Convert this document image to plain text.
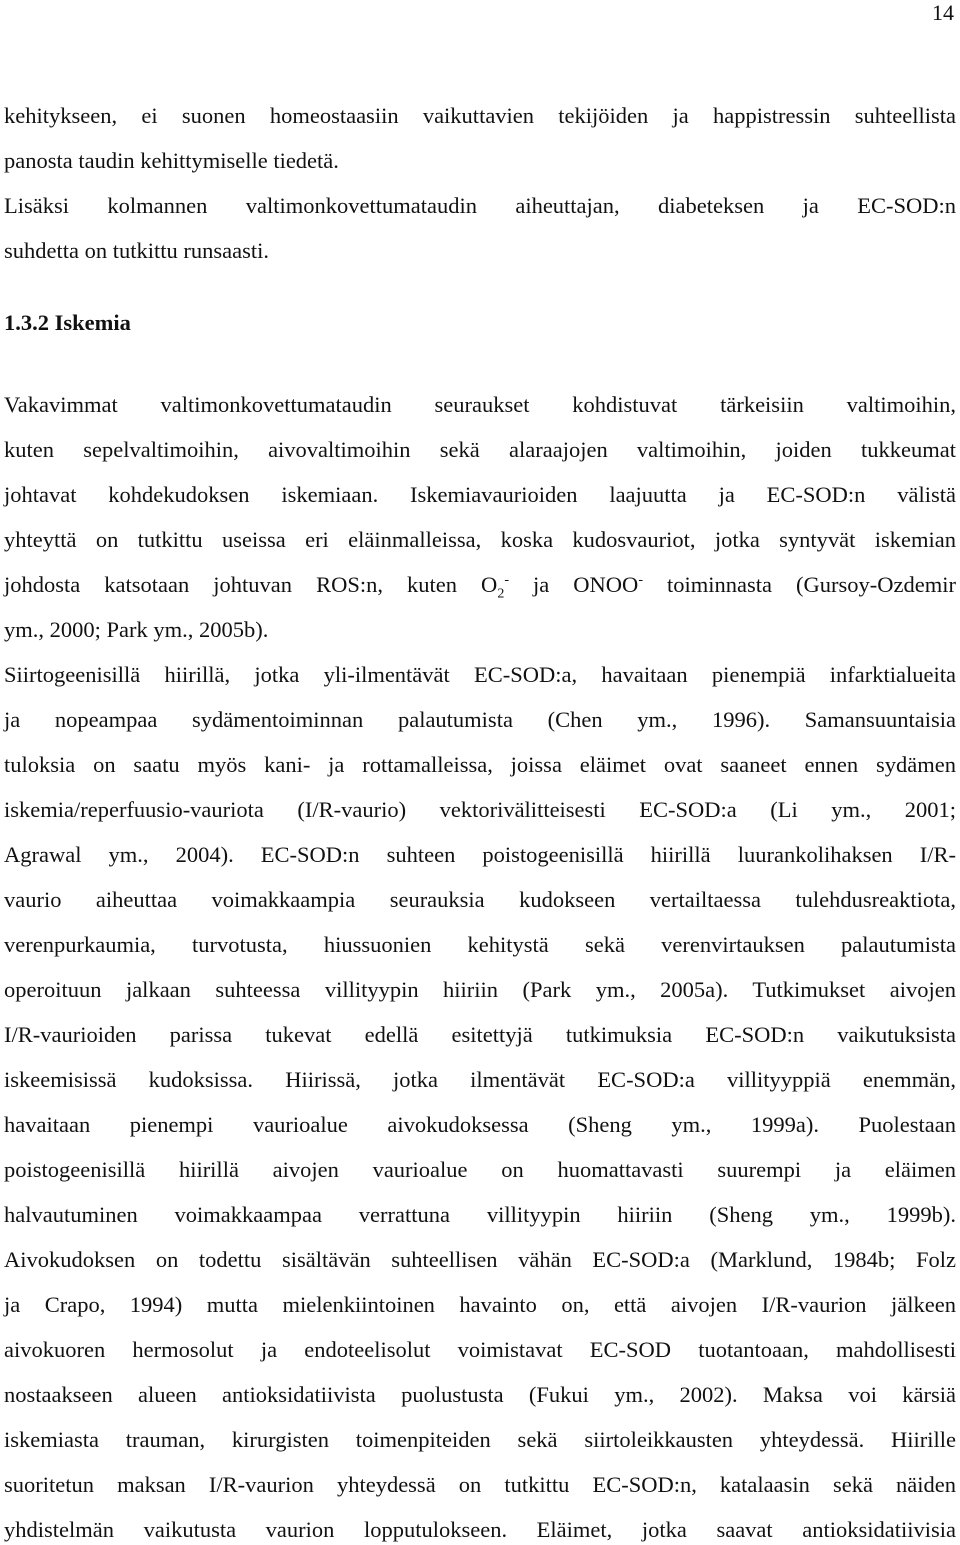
14
kehitykseen, ei suonen homeostaasiin vaikuttavien tekijöiden ja happistressin suhteellista
panosta taudin kehittymiselle tiedetä.
Lisäksi kolmannen valtimonkovettumataudin aiheuttajan, diabeteksen ja EC-SOD:n
suhdetta on tutkittu runsaasti.
1.3.2 Iskemia
Vakavimmat valtimonkovettumataudin seuraukset kohdistuvat tärkeisiin valtimoihin,
kuten sepelvaltimoihin, aivovaltimoihin sekä alaraajojen valtimoihin, joiden tukkeumat
johtavat kohdekudoksen iskemiaan. Iskemiavaurioiden laajuutta ja EC-SOD:n välistä
yhteyttä on tutkittu useissa eri eläinmalleissa, koska kudosvauriot, jotka syntyvät iskemian
johdosta katsotaan johtuvan ROS:n, kuten $O_2^-$ ja ONOO- toiminnasta (Gursoy-Ozdemir
ym., 2000; Park ym., 2005b).
Siirtogeenisillä hiirillä, jotka yli-ilmentävät EC-SOD:a, havaitaan pienempiä infarktialueita
ja nopeampaa sydämentoiminnan palautumista (Chen ym., 1996). Samansuuntaisia
tuloksia on saatu myös kani- ja rottamalleissa, joissa eläimet ovat saaneet ennen sydämen
iskemia/reperfuusio-vauriota (I/R-vaurio) vektorivälitteisesti EC-SOD:a (Li ym., 2001;
Agrawal ym., 2004). EC-SOD:n suhteen poistogeenisillä hiirillä luurankolihaksen I/R-
vaurio aiheuttaa voimakkaampia seurauksia kudokseen vertailtaessa tulehdusreaktiota,
verenpurkaumia, turvotusta, hiussuonien kehitystä sekä verenvirtauksen palautumista
operoituun jalkaan suhteessa villityypin hiiriin (Park ym., 2005a). Tutkimukset aivojen
I/R-vaurioiden parissa tukevat edellä esitettyjä tutkimuksia EC-SOD:n vaikutuksista
iskeemisissä kudoksissa. Hiirissä, jotka ilmentävät EC-SOD:a villityyppiä enemmän,
havaitaan pienempi vaurioalue aivokudoksessa (Sheng ym., 1999a). Puolestaan
poistogeenisillä hiirillä aivojen vaurioalue on huomattavasti suurempi ja eläimen
halvautuminen voimakkaampaa verrattuna villityypin hiiriin (Sheng ym., 1999b).
Aivokudoksen on todettu sisältävän suhteellisen vähän EC-SOD:a (Marklund, 1984b; Folz
ja Crapo, 1994) mutta mielenkiintoinen havainto on, että aivojen I/R-vaurion jälkeen
aivokuoren hermosolut ja endoteelisolut voimistavat EC-SOD tuotantoaan, mahdollisesti
nostaakseen alueen antioksidatiivista puolustusta (Fukui ym., 2002). Maksa voi kärsiä
iskemiasta trauman, kirurgisten toimenpiteiden sekä siirtoleikkausten yhteydessä. Hiirille
suoritetun maksan I/R-vaurion yhteydessä on tutkittu EC-SOD:n, katalaasin sekä näiden
yhdistelmän vaikutusta vaurion lopputulokseen. Eläimet, jotka saavat antioksidatiivisia
